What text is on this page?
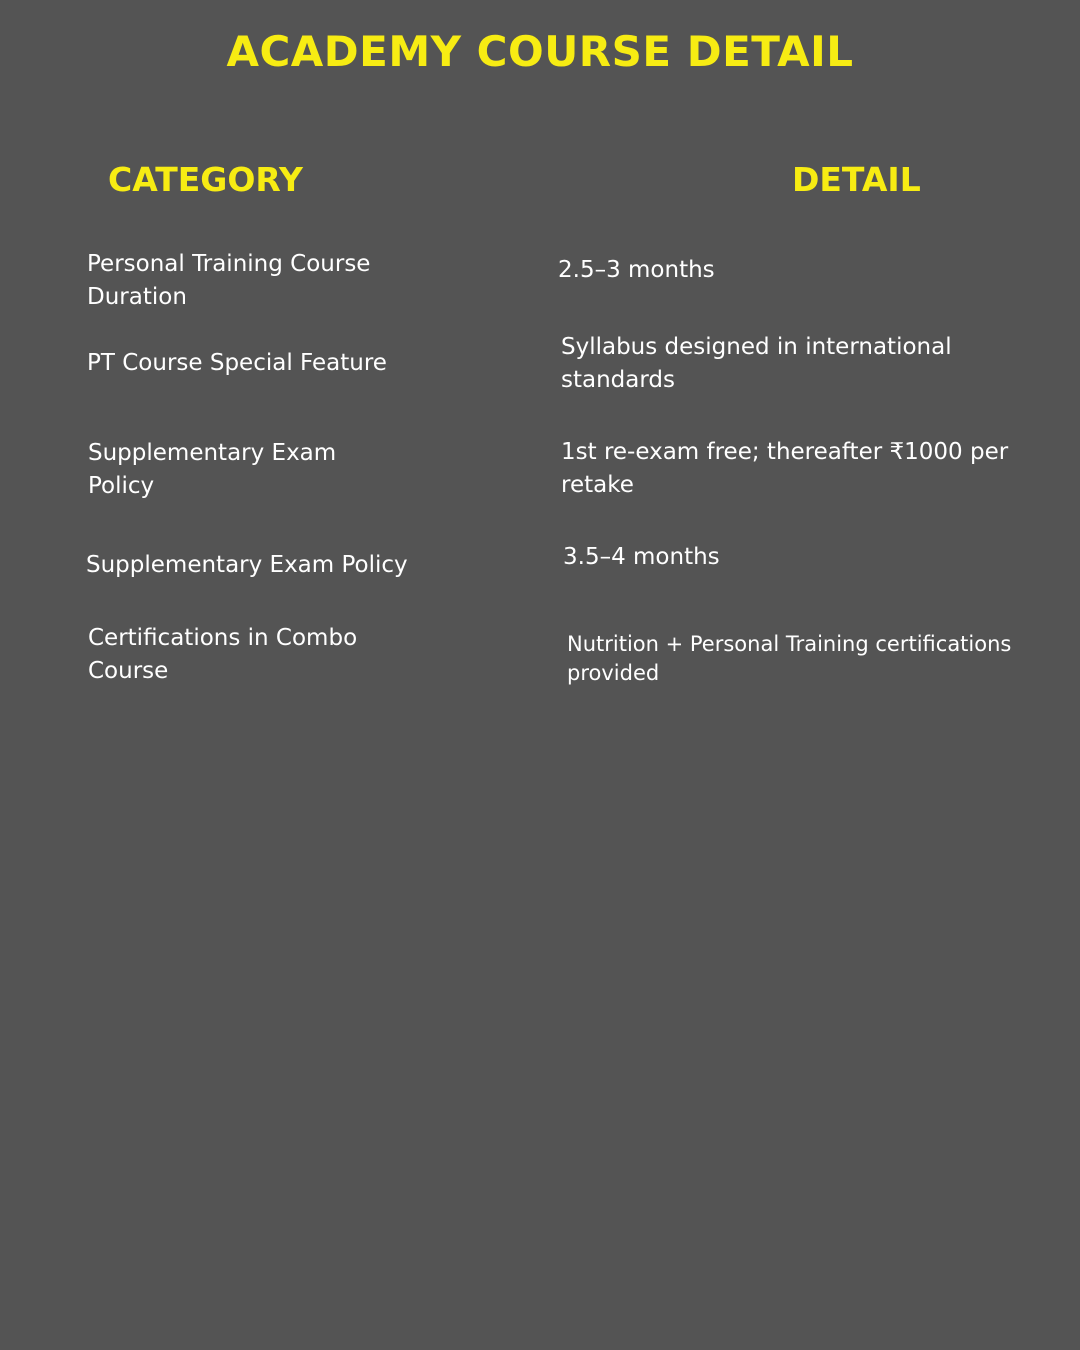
ACADEMY COURSE DETAIL
CATEGORY	DETAIL
Personal Training Course
Duration
2.5–3 months
PT Course Special Feature
Syllabus designed in international
standards
Supplementary Exam
Policy
1st re-exam free; thereafter ₹1000 per
retake
Supplementary Exam Policy	3.5–4 months
Certifications in Combo
Course
Nutrition + Personal Training certifications
provided
